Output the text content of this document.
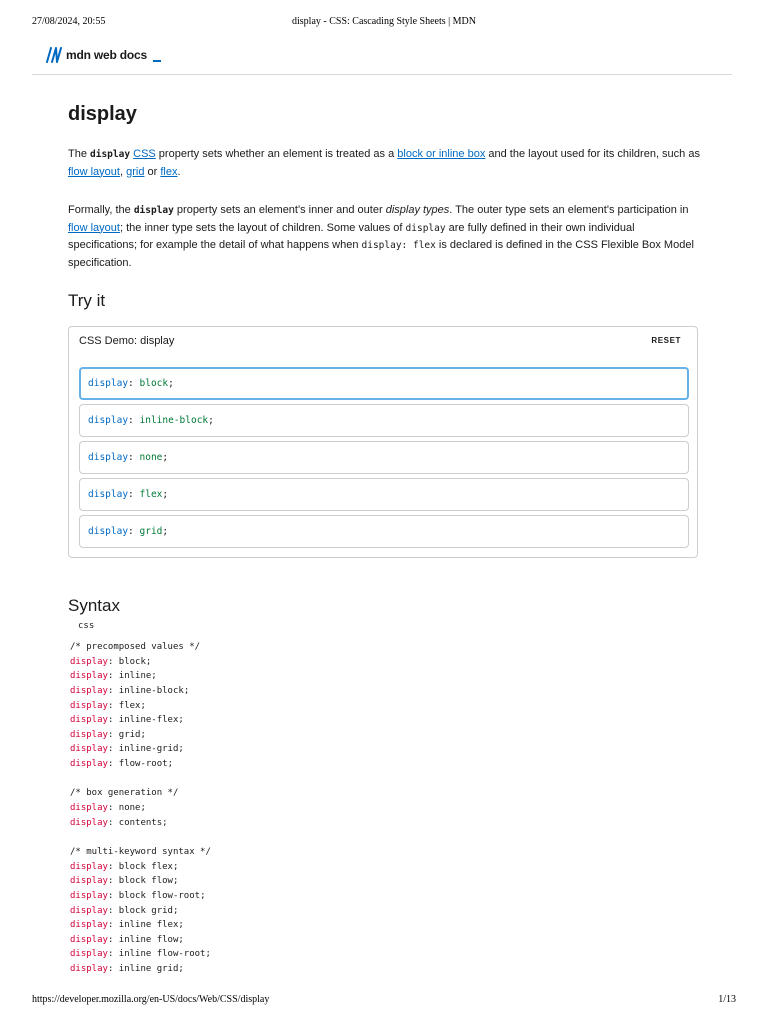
27/08/2024, 20:55	display - CSS: Cascading Style Sheets | MDN
mdn web docs
display

The display CSS property sets whether an element is treated as a block or inline box and the layout used for its children, such as flow layout, grid or flex.

Formally, the display property sets an element's inner and outer display types. The outer type sets an element's participation in flow layout; the inner type sets the layout of children. Some values of display are fully defined in their own individual specifications; for example the detail of what happens when display: flex is declared is defined in the CSS Flexible Box Model specification.

Try it
CSS Demo: display	RESET
display: block;
display: inline-block;
display: none;
display: flex;
display: grid;
Syntax
css
/* precomposed values */
display: block;
display: inline;
display: inline-block;
display: flex;
display: inline-flex;
display: grid;
display: inline-grid;
display: flow-root;
/* box generation */
display: none;
display: contents;
/* multi-keyword syntax */
display: block flex;
display: block flow;
display: block flow-root;
display: block grid;
display: inline flex;
display: inline flow;
display: inline flow-root;
display: inline grid;
https://developer.mozilla.org/en-US/docs/Web/CSS/display	1/13
